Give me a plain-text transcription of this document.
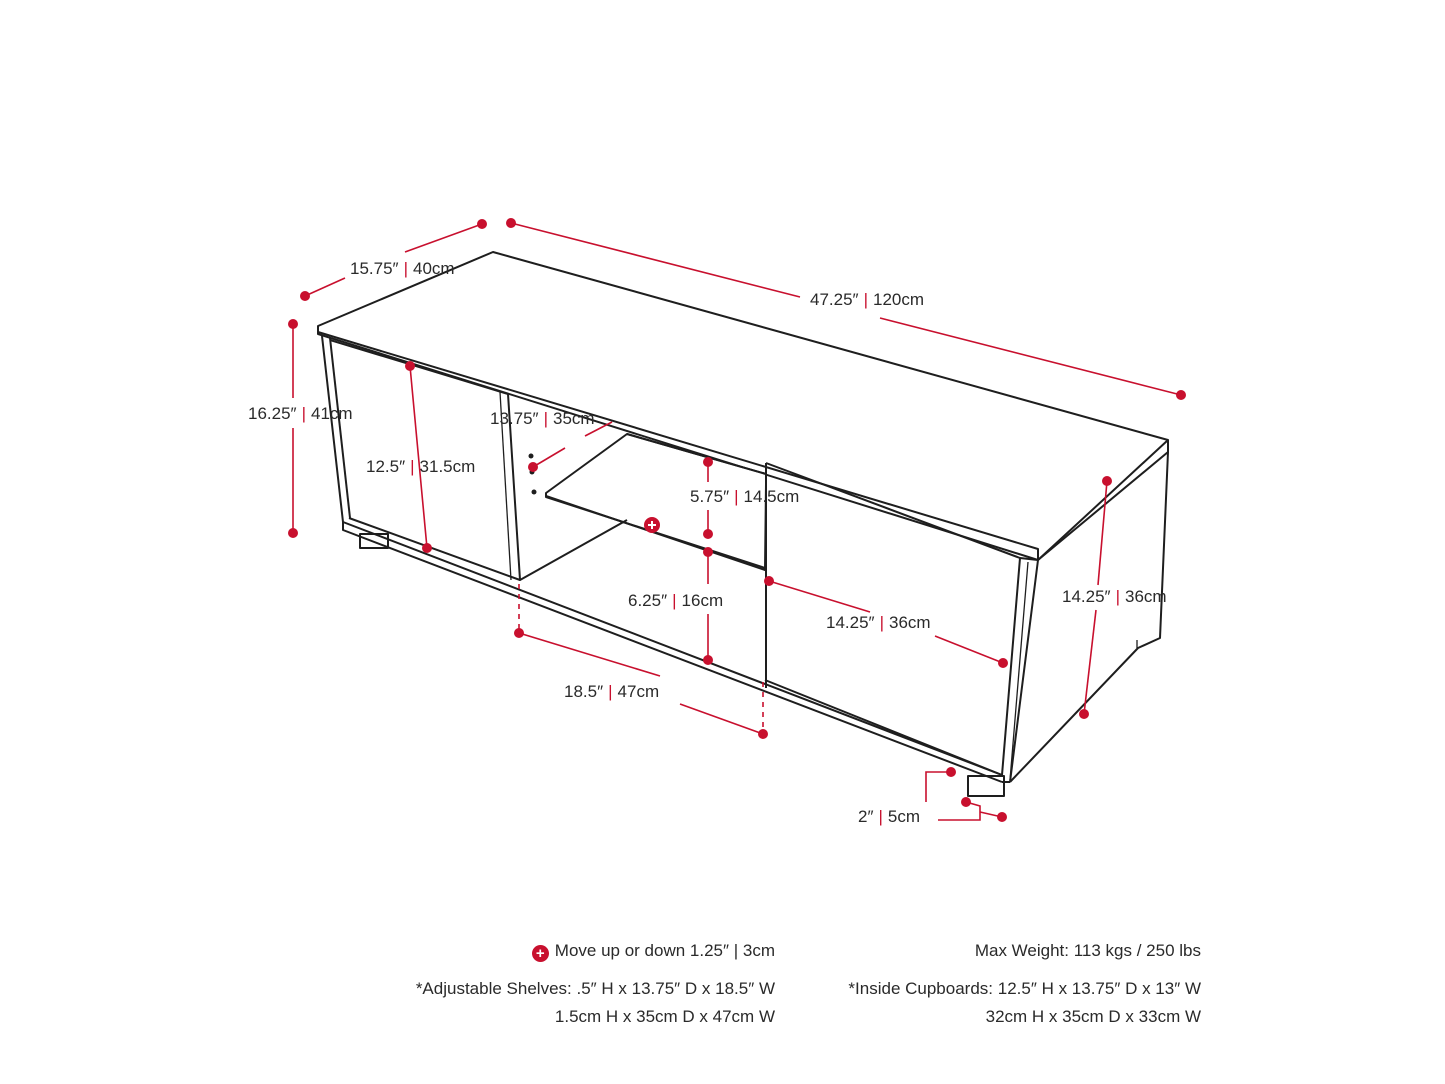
15.75″ | 40cm
47.25″ | 120cm
16.25″ | 41cm
12.5″ | 31.5cm
13.75″ | 35cm
5.75″ | 14.5cm
6.25″ | 16cm
14.25″ | 36cm
14.25″ | 36cm
18.5″ | 47cm
2″ | 5cm
+ Move up or down 1.25″ | 3cm	Max Weight: 113 kgs / 250 lbs
*Adjustable Shelves: .5″ H x 13.75″ D x 18.5″ W
1.5cm H x 35cm D x 47cm W
*Inside Cupboards: 12.5″ H x 13.75″ D x 13″ W
32cm H x 35cm D x 33cm W
